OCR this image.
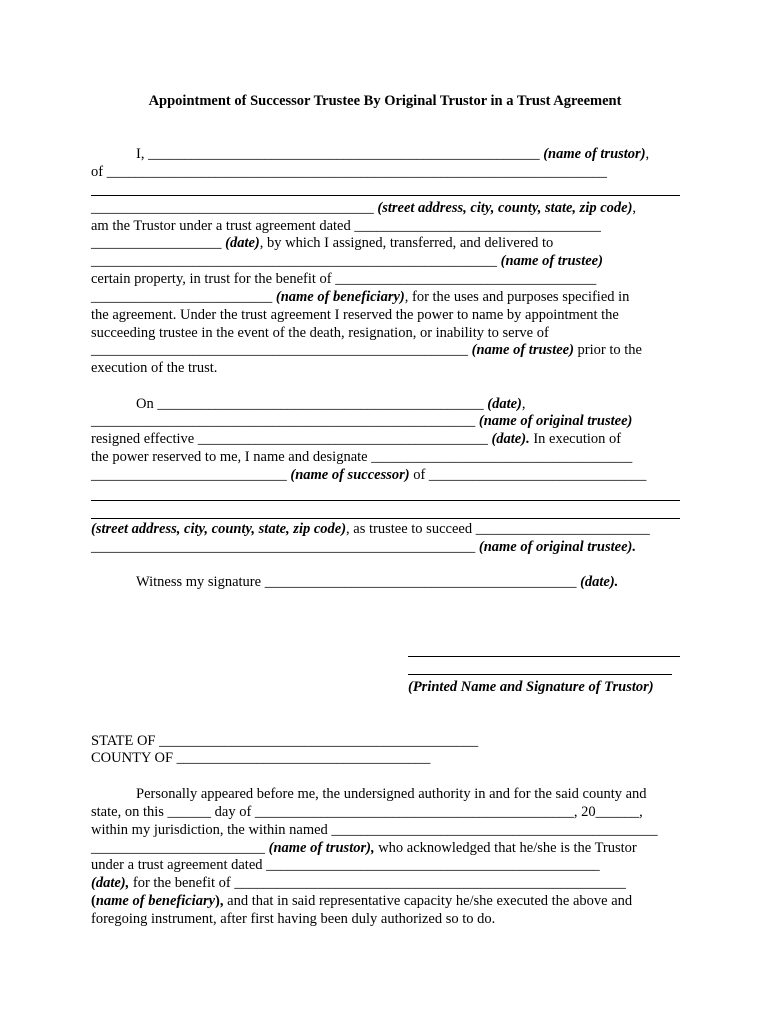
Appointment of Successor Trustee By Original Trustor in a Trust Agreement
I, ______________________________________________________ (name of trustor),
of _____________________________________________________________________
_______________________________________ (street address, city, county, state, zip code),
am the Trustor under a trust agreement dated __________________________________
__________________ (date), by which I assigned, transferred, and delivered to
________________________________________________________ (name of trustee)
certain property, in trust for the benefit of ____________________________________
_________________________ (name of beneficiary), for the uses and purposes specified in
the agreement. Under the trust agreement I reserved the power to name by appointment the
succeeding trustee in the event of the death, resignation, or inability to serve of
____________________________________________________ (name of trustee) prior to the
execution of the trust.
On _____________________________________________ (date),
_____________________________________________________ (name of original trustee)
resigned effective ________________________________________ (date). In execution of
the power reserved to me, I name and designate ____________________________________
___________________________ (name of successor) of ______________________________
(street address, city, county, state, zip code), as trustee to succeed ________________________
_____________________________________________________ (name of original trustee).
Witness my signature ___________________________________________ (date).
(Printed Name and Signature of Trustor)
STATE OF ____________________________________________
COUNTY OF ___________________________________
Personally appeared before me, the undersigned authority in and for the said county and
state, on this ______ day of ____________________________________________, 20______,
within my jurisdiction, the within named _____________________________________________
________________________ (name of trustor), who acknowledged that he/she is the Trustor
under a trust agreement dated ______________________________________________
(date), for the benefit of ______________________________________________________
(name of beneficiary), and that in said representative capacity he/she executed the above and
foregoing instrument, after first having been duly authorized so to do.
